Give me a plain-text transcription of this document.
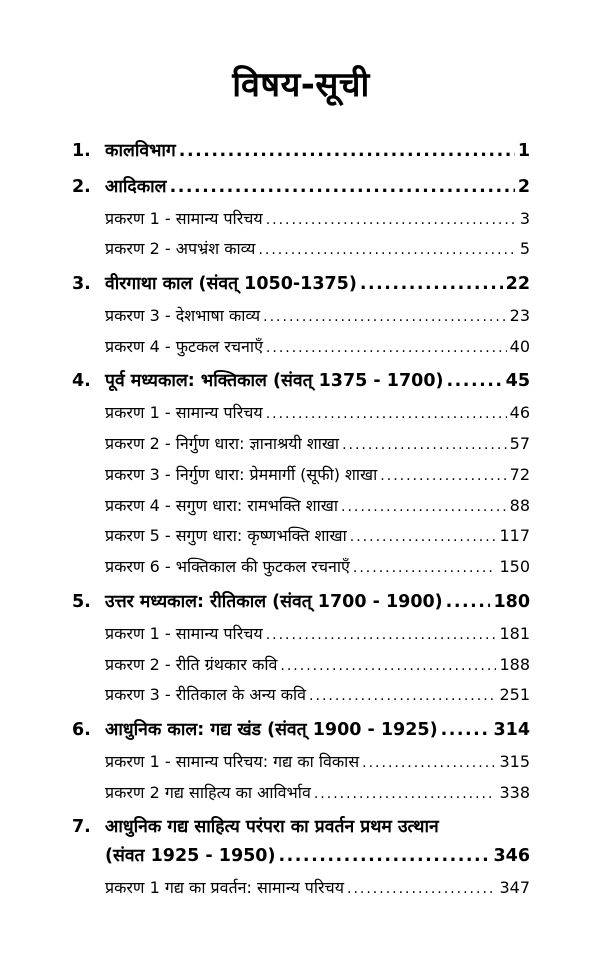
विषय-सूची
1. कालविभाग .....	1
2. आदिकाल .....	2
प्रकरण 1 - सामान्य परिचय .....	3
प्रकरण 2 - अपभ्रंश काव्य .....	5
3. वीरगाथा काल (संवत् 1050-1375) .....	22
प्रकरण 3 - देशभाषा काव्य .....	23
प्रकरण 4 - फुटकल रचनाएँ .....	40
4. पूर्व मध्यकाल: भक्तिकाल (संवत् 1375 - 1700) .....	45
प्रकरण 1 - सामान्य परिचय .....	46
प्रकरण 2 - निर्गुण धारा: ज्ञानाश्रयी शाखा .....	57
प्रकरण 3 - निर्गुण धारा: प्रेममार्गी (सूफी) शाखा .....	72
प्रकरण 4 - सगुण धारा: रामभक्ति शाखा .....	88
प्रकरण 5 - सगुण धारा: कृष्णभक्ति शाखा .....	117
प्रकरण 6 - भक्तिकाल की फुटकल रचनाएँ .....	150
5. उत्तर मध्यकाल: रीतिकाल (संवत् 1700 - 1900) .....	180
प्रकरण 1 - सामान्य परिचय .....	181
प्रकरण 2 - रीति ग्रंथकार कवि .....	188
प्रकरण 3 - रीतिकाल के अन्य कवि .....	251
6. आधुनिक काल: गद्य खंड (संवत् 1900 - 1925) .....	314
प्रकरण 1 - सामान्य परिचय: गद्य का विकास .....	315
प्रकरण 2 गद्य साहित्य का आविर्भाव .....	338
7. आधुनिक गद्य साहित्य परंपरा का प्रवर्तन प्रथम उत्थान
(संवत 1925 - 1950) .....	346
प्रकरण 1 गद्य का प्रवर्तन: सामान्य परिचय .....	347
